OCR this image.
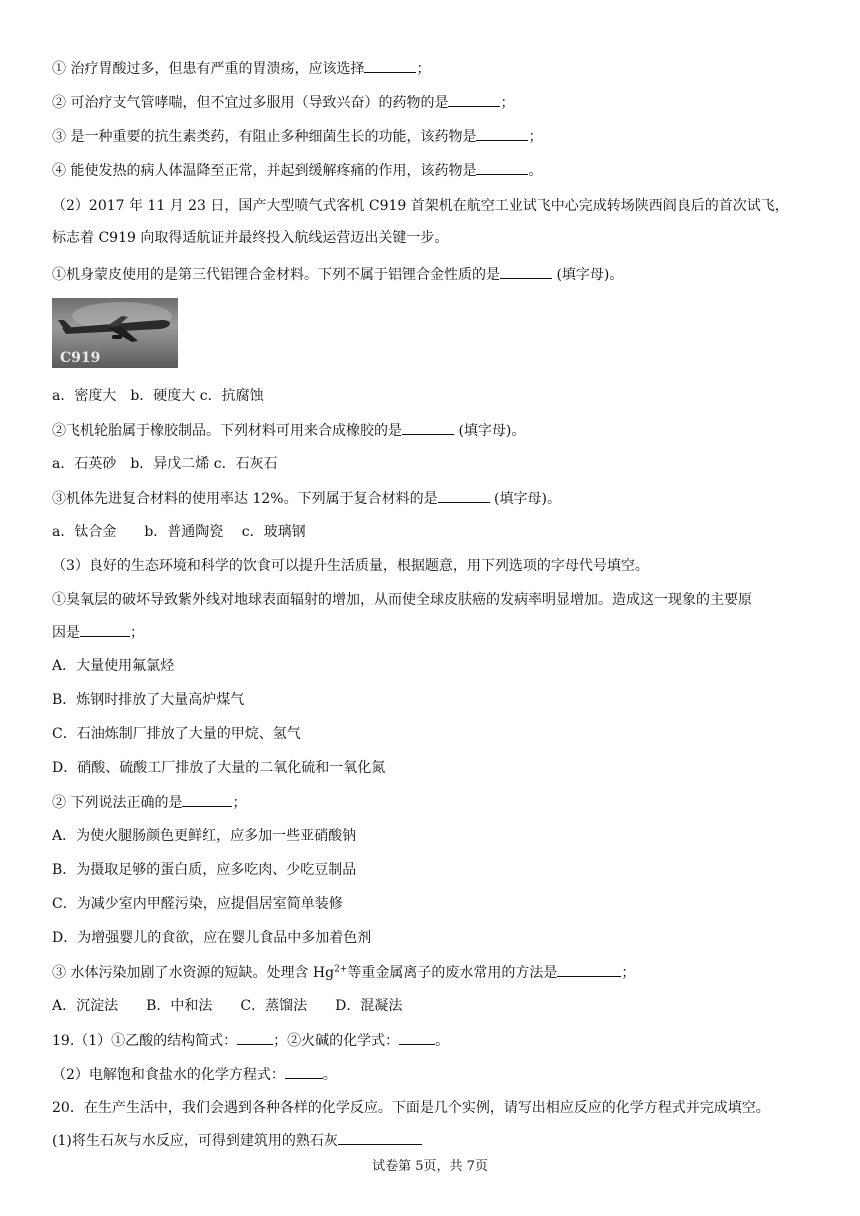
① 治疗胃酸过多，但患有严重的胃溃疡，应该选择	；
② 可治疗支气管哮喘，但不宜过多服用（导致兴奋）的药物的是	；
③ 是一种重要的抗生素类药，有阻止多种细菌生长的功能，该药物是	；
④ 能使发热的病人体温降至正常，并起到缓解疼痛的作用，该药物是	。
（2）2017 年 11 月 23 日，国产大型喷气式客机 C919 首架机在航空工业试飞中心完成转场陕西阎良后的首次试飞，
标志着 C919 向取得适航证并最终投入航线运营迈出关键一步。
①机身蒙皮使用的是第三代铝锂合金材料。下列不属于铝锂合金性质的是	(填字母)。
C919
a．密度大　b．硬度大 c．抗腐蚀
②飞机轮胎属于橡胶制品。下列材料可用来合成橡胶的是	(填字母)。
a．石英砂　b．异戊二烯 c．石灰石
③机体先进复合材料的使用率达 12%。下列属于复合材料的是	(填字母)。
a．钛合金　　b．普通陶瓷　 c．玻璃钢
（3）良好的生态环境和科学的饮食可以提升生活质量，根据题意，用下列选项的字母代号填空。
①臭氧层的破坏导致紫外线对地球表面辐射的增加，从而使全球皮肤癌的发病率明显增加。造成这一现象的主要原
因是	；
A．大量使用氟氯烃
B．炼钢时排放了大量高炉煤气
C．石油炼制厂排放了大量的甲烷、氢气
D．硝酸、硫酸工厂排放了大量的二氧化硫和一氧化氮
② 下列说法正确的是	；
A．为使火腿肠颜色更鲜红，应多加一些亚硝酸钠
B．为摄取足够的蛋白质，应多吃肉、少吃豆制品
C．为减少室内甲醛污染，应提倡居室简单装修
D．为增强婴儿的食欲，应在婴儿食品中多加着色剂
③ 水体污染加剧了水资源的短缺。处理含 $Hg^{2+}$等重金属离子的废水常用的方法是	；
A．沉淀法　　B．中和法　　C．蒸馏法　　D．混凝法
19.（1）①乙酸的结构简式：	；②火碱的化学式：	。
（2）电解饱和食盐水的化学方程式：	。
20．在生产生活中，我们会遇到各种各样的化学反应。下面是几个实例，请写出相应反应的化学方程式并完成填空。
(1)将生石灰与水反应，可得到建筑用的熟石灰
试卷第 5页，共 7页
